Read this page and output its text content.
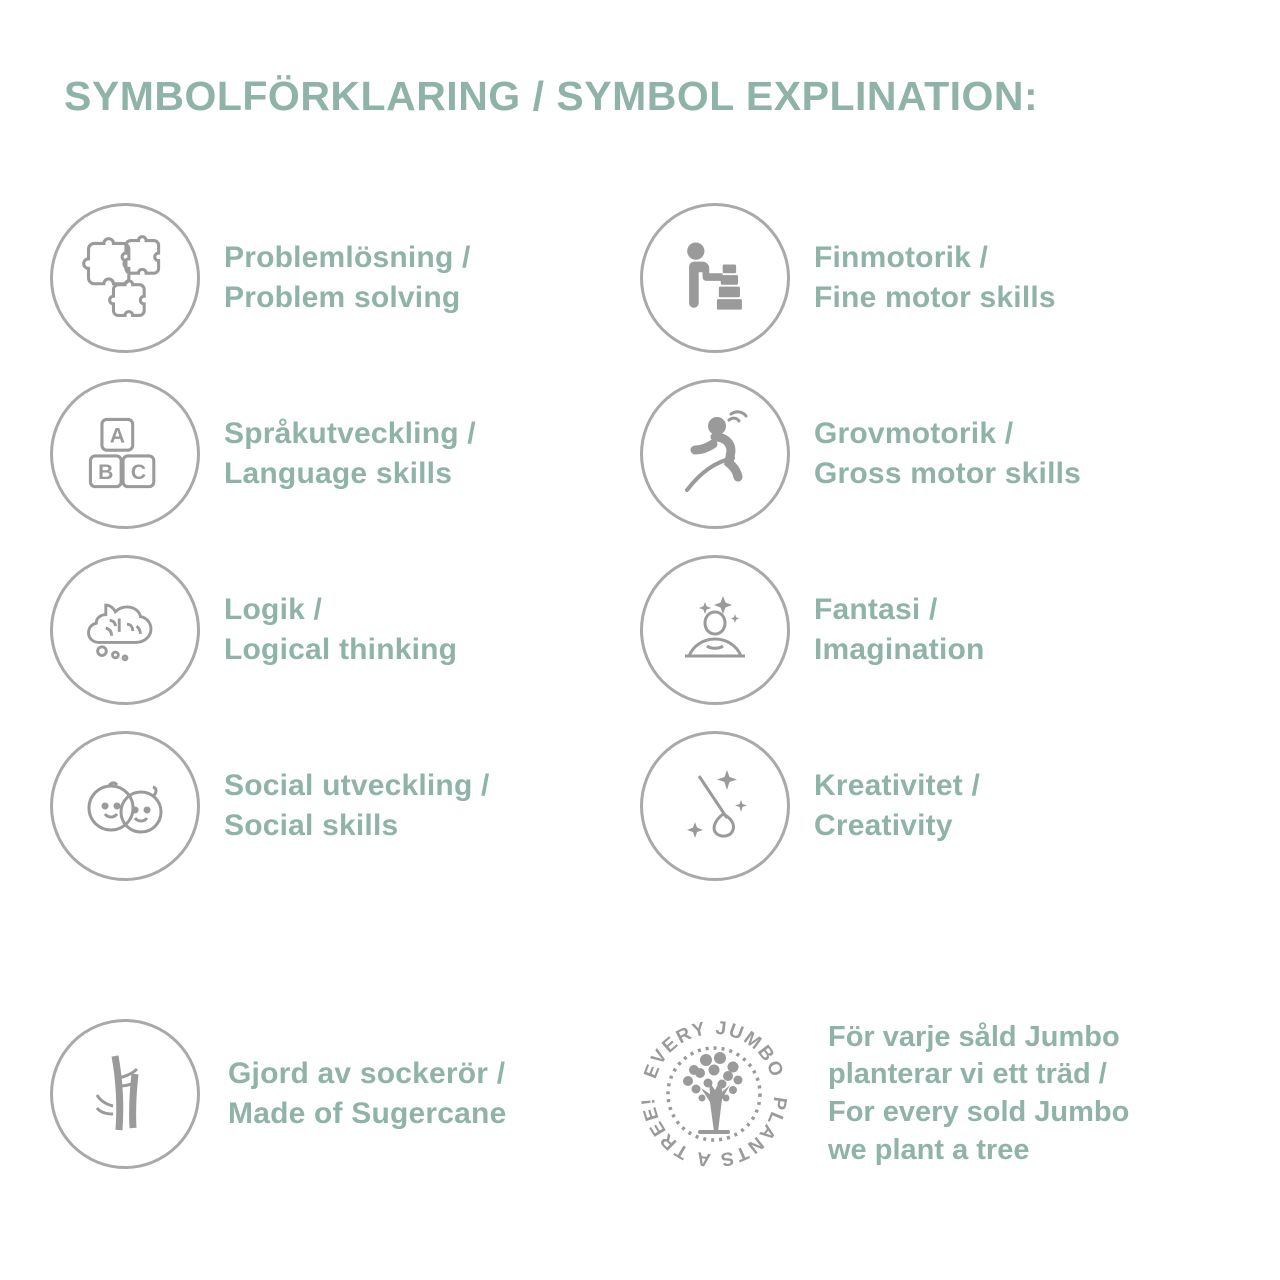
SYMBOLFÖRKLARING / SYMBOL EXPLINATION:
Problemlösning /
Problem solving
Finmotorik /
Fine motor skills
A
B C
Språkutveckling /
Language skills
Grovmotorik /
Gross motor skills
Logik /
Logical thinking
Fantasi /
Imagination
Social utveckling /
Social skills
Kreativitet /
Creativity
Gjord av sockerör /
Made of Sugercane
EVERY JUMBO
PLANTS A TREE!
För varje såld Jumbo
planterar vi ett träd /
For every sold Jumbo
we plant a tree
